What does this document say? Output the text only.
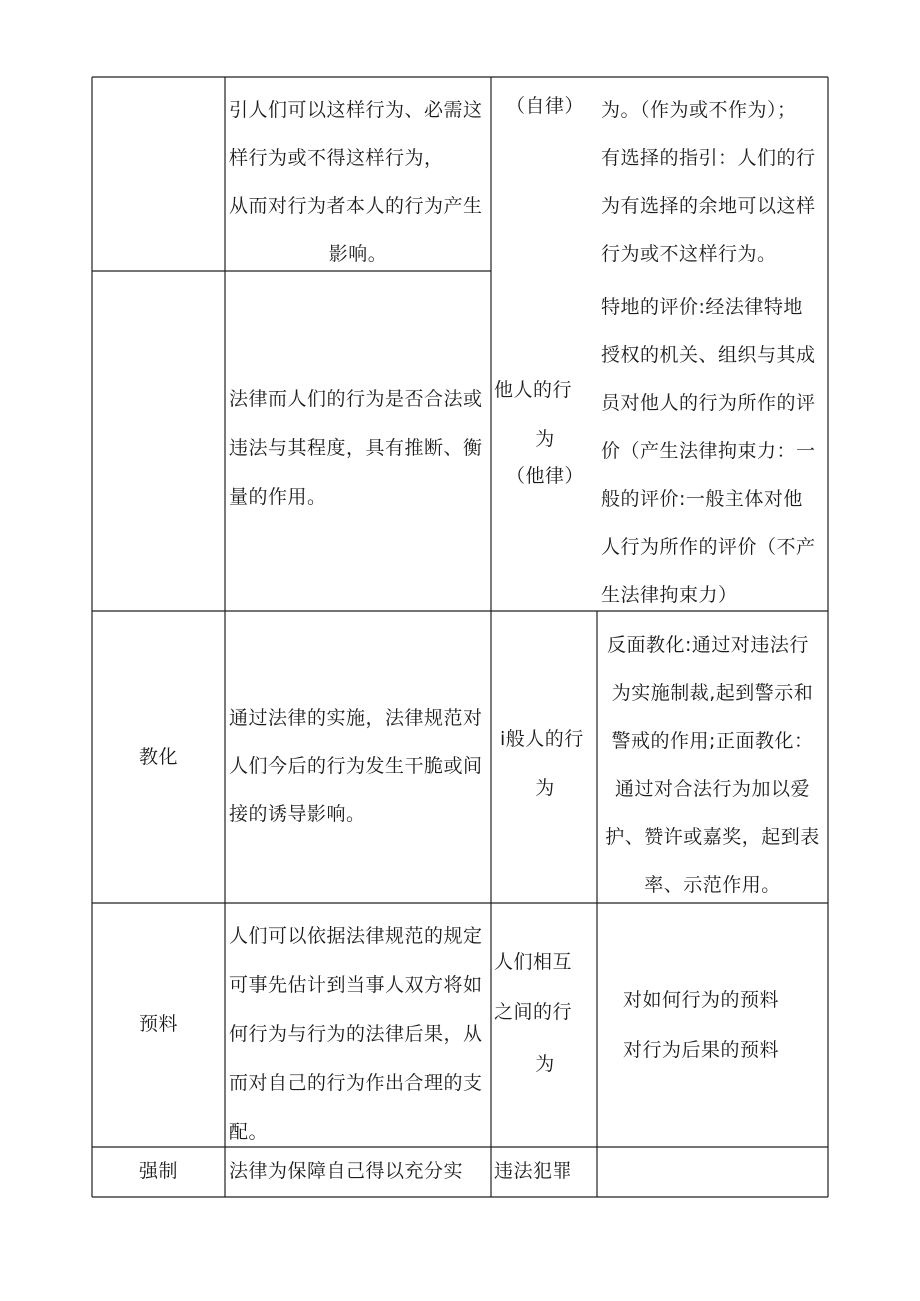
引人们可以这样行为、必需这
样行为或不得这样行为，
从而对行为者本人的行为产生
影响。
（自律） 为。（作为或不作为）；
有选择的指引：人们的行
为有选择的余地可以这样
行为或不这样行为。
法律而人们的行为是否合法或
违法与其程度，具有推断、衡
量的作用。
他人的行
为
（他律）
特地的评价:经法律特地
授权的机关、组织与其成
员对他人的行为所作的评
价（产生法律拘束力：一
般的评价:一般主体对他
人行为所作的评价（不产
生法律拘束力）
教化
通过法律的实施，法律规范对
人们今后的行为发生干脆或间
接的诱导影响。
i般人的行
为
反面教化:通过对违法行
为实施制裁,起到警示和
警戒的作用;正面教化：
通过对合法行为加以爱
护、赞许或嘉奖，起到表
率、示范作用。
预料
人们可以依据法律规范的规定
可事先估计到当事人双方将如
何行为与行为的法律后果，从
而对自己的行为作出合理的支
配。
人们相互
之间的行
为
对如何行为的预料
对行为后果的预料
强制	法律为保障自己得以充分实 违法犯罪
